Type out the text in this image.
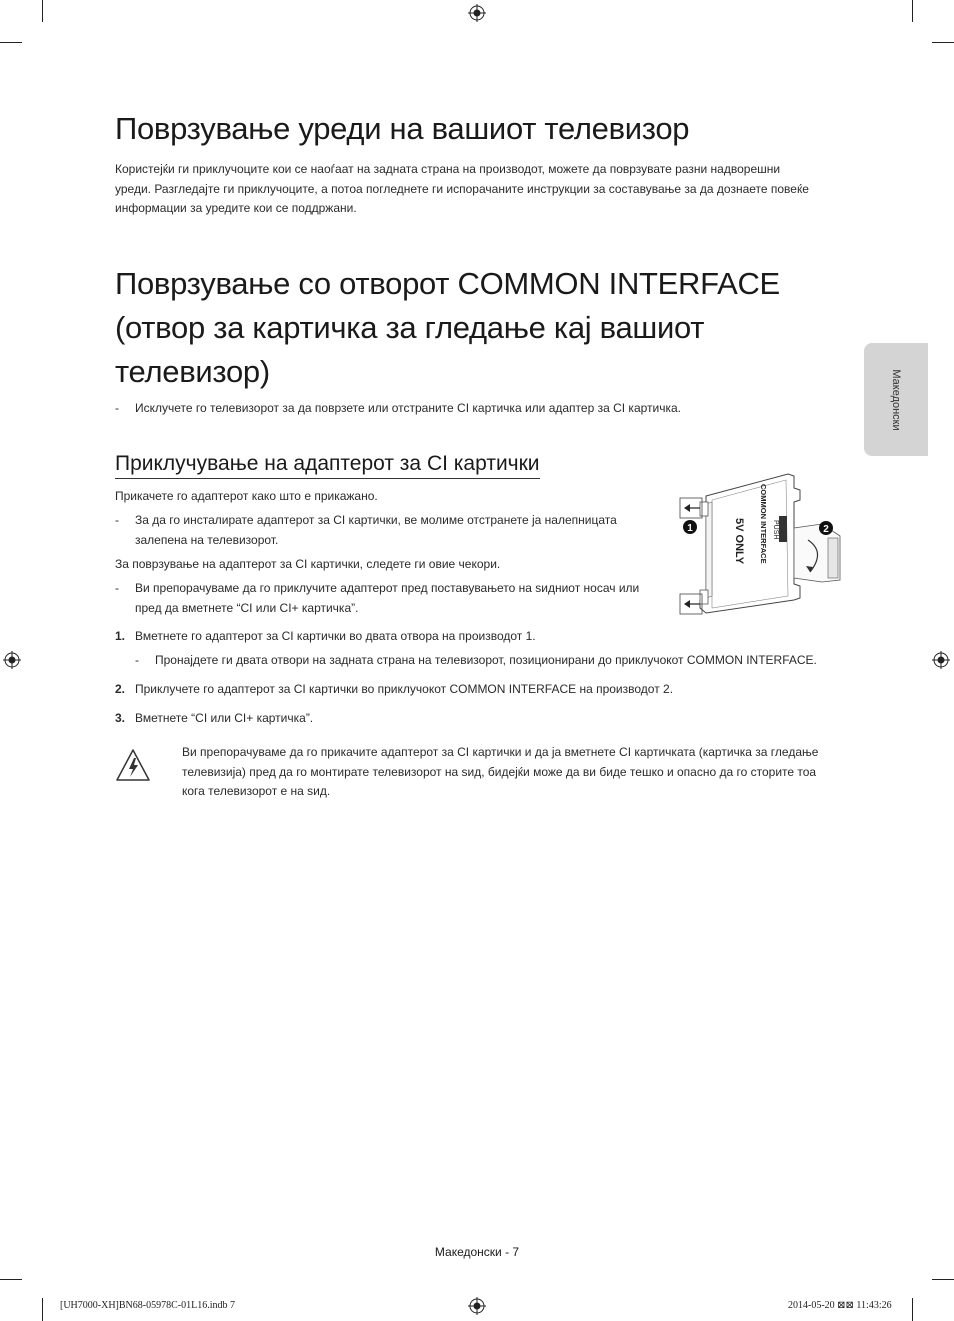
Поврзување уреди на вашиот телевизор
Користејќи ги приклучоците кои се наоѓаат на задната страна на производот, можете да поврзувате разни надворешни уреди. Разгледајте ги приклучоците, а потоа погледнете ги испорачаните инструкции за составување за да дознаете повеќе информации за уредите кои се поддржани.
Поврзување со отворот COMMON INTERFACE
(отвор за картичка за гледање кај вашиот
телевизор)
- Исклучете го телевизорот за да поврзете или отстраните CI картичка или адаптер за CI картичка.
Приклучување на адаптерот за CI картички
Прикачете го адаптерот како што е прикажано.
- За да го инсталирате адаптерот за CI картички, ве молиме отстранете ја налепницата залепена на телевизорот.
За поврзување на адаптерот за CI картички, следете ги овие чекори.
- Ви препорачуваме да го приклучите адаптерот пред поставувањето на ѕидниот носач или пред да вметнете “CI или CI+ картичка”.
1. Вметнете го адаптерот за CI картички во двата отвора на производот 1.
- Пронајдете ги двата отвори на задната страна на телевизорот, позиционирани до приклучокот COMMON INTERFACE.
2. Приклучете го адаптерот за CI картички во приклучокот COMMON INTERFACE на производот 2.
3. Вметнете “CI или CI+ картичка”.
Ви препорачуваме да го прикачите адаптерот за CI картички и да ја вметнете CI картичката (картичка за гледање телевизија) пред да го монтирате телевизорот на ѕид, бидејќи може да ви биде тешко и опасно да го сторите тоа кога телевизорот е на ѕид.
COMMON INTERFACE PUSH
5V ONLY
1	2
Македонски
Македонски - 7
[UH7000-XH]BN68-05978C-01L16.indb 7	2014-05-20 ⊠⊠ 11:43:26
